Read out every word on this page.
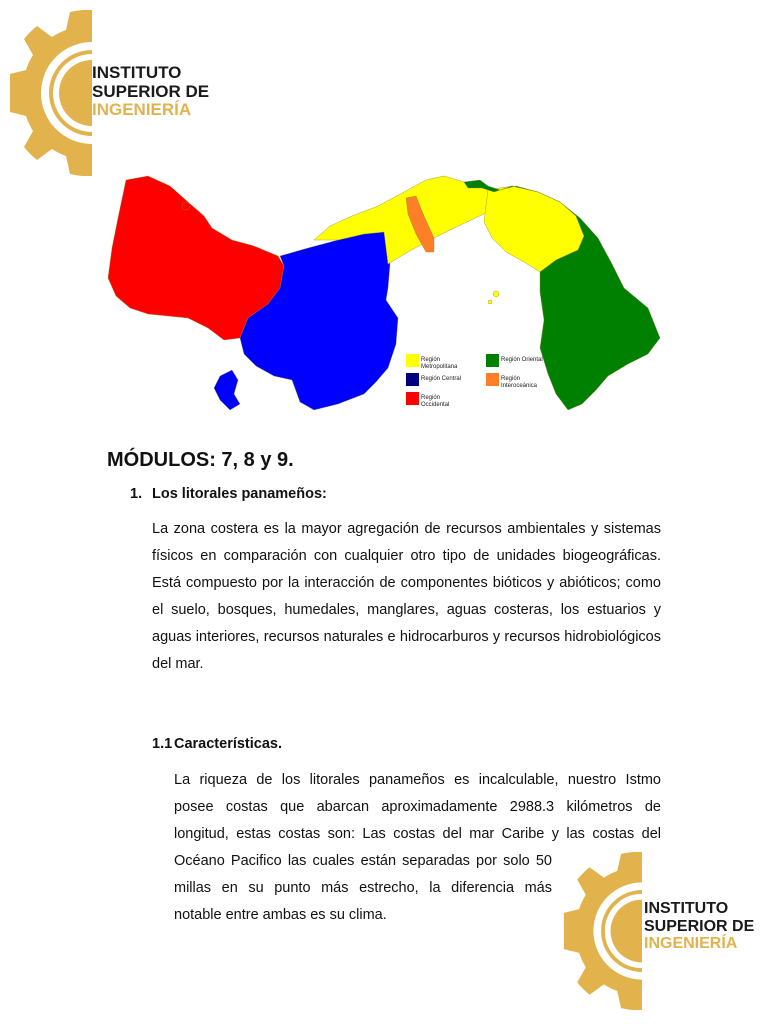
INSTITUTO
SUPERIOR DE
INGENIERÍA
Región Metropolitana
Región Central
Región Occidental
Región Oriental
Región Interoceánica
MÓDULOS: 7, 8 y 9.
1. Los litorales panameños:

La zona costera es la mayor agregación de recursos ambientales y sistemas físicos en comparación con cualquier otro tipo de unidades biogeográficas. Está compuesto por la interacción de componentes bióticos y abióticos; como el suelo, bosques, humedales, manglares, aguas costeras, los estuarios y aguas interiores, recursos naturales e hidrocarburos y recursos hidrobiológicos del mar.

1.1 Características.
La riqueza de los litorales panameños es incalculable, nuestro Istmo
posee costas que abarcan aproximadamente 2988.3 kilómetros de
longitud, estas costas son: Las costas del mar Caribe y las costas del
Océano Pacifico las cuales están separadas por solo 50
millas en su punto más estrecho, la diferencia más
notable entre ambas es su clima.	INSTITUTO
SUPERIOR DE
INGENIERÍA
